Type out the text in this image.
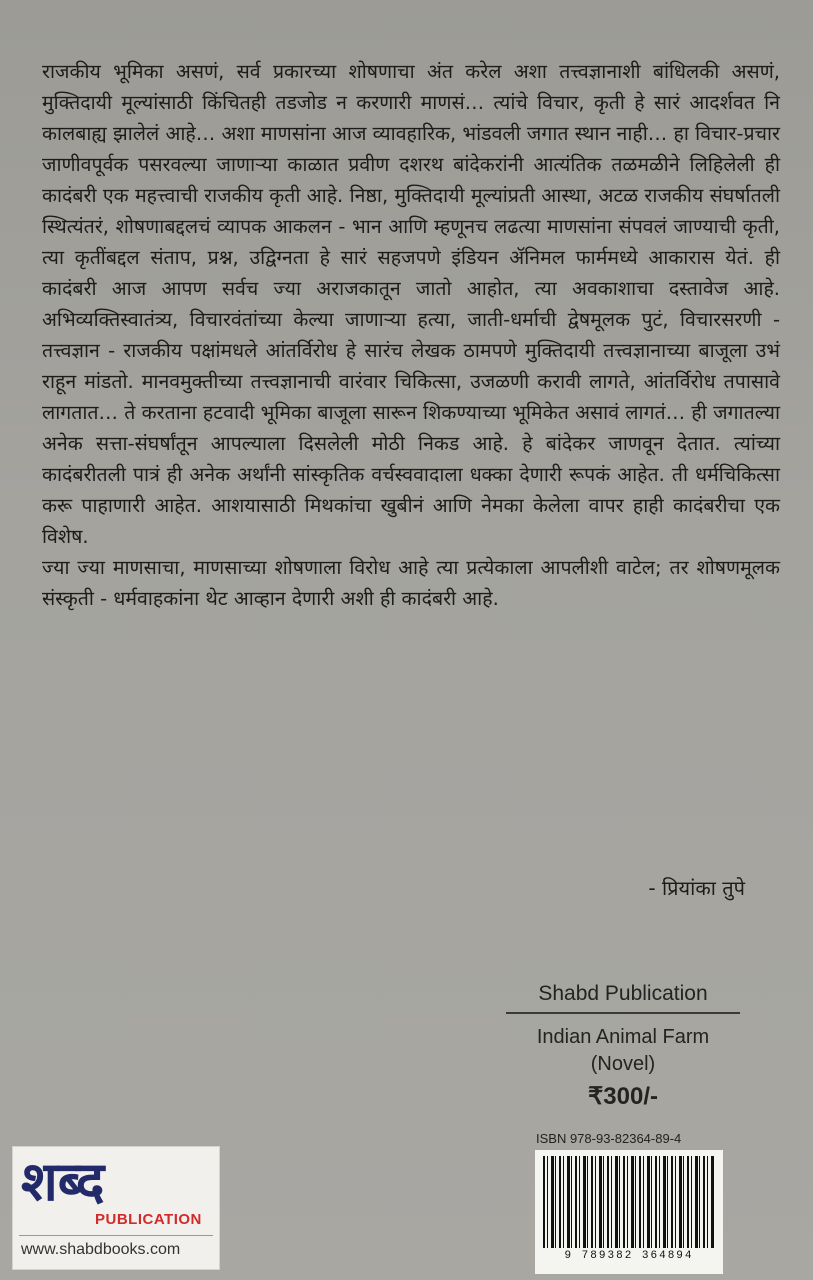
राजकीय भूमिका असणं, सर्व प्रकारच्या शोषणाचा अंत करेल अशा तत्त्वज्ञानाशी बांधिलकी असणं, मुक्तिदायी मूल्यांसाठी किंचितही तडजोड न करणारी माणसं… त्यांचे विचार, कृती हे सारं आदर्शवत नि कालबाह्य झालेलं आहे… अशा माणसांना आज व्यावहारिक, भांडवली जगात स्थान नाही… हा विचार-प्रचार जाणीवपूर्वक पसरवल्या जाणाऱ्या काळात प्रवीण दशरथ बांदेकरांनी आत्यंतिक तळमळीने लिहिलेली ही कादंबरी एक महत्त्वाची राजकीय कृती आहे. निष्ठा, मुक्तिदायी मूल्यांप्रती आस्था, अटळ राजकीय संघर्षातली स्थित्यंतरं, शोषणाबद्दलचं व्यापक आकलन - भान आणि म्हणूनच लढत्या माणसांना संपवलं जाण्याची कृती, त्या कृतींबद्दल संताप, प्रश्न, उद्विग्नता हे सारं सहजपणे इंडियन ॲनिमल फार्ममध्ये आकारास येतं. ही कादंबरी आज आपण सर्वच ज्या अराजकातून जातो आहोत, त्या अवकाशाचा दस्तावेज आहे. अभिव्यक्तिस्वातंत्र्य, विचारवंतांच्या केल्या जाणाऱ्या हत्या, जाती-धर्माची द्वेषमूलक पुटं, विचारसरणी - तत्त्वज्ञान - राजकीय पक्षांमधले आंतर्विरोध हे सारंच लेखक ठामपणे मुक्तिदायी तत्त्वज्ञानाच्या बाजूला उभं राहून मांडतो. मानवमुक्तीच्या तत्त्वज्ञानाची वारंवार चिकित्सा, उजळणी करावी लागते, आंतर्विरोध तपासावे लागतात… ते करताना हटवादी भूमिका बाजूला सारून शिकण्याच्या भूमिकेत असावं लागतं… ही जगातल्या अनेक सत्ता-संघर्षांतून आपल्याला दिसलेली मोठी निकड आहे. हे बांदेकर जाणवून देतात. त्यांच्या कादंबरीतली पात्रं ही अनेक अर्थांनी सांस्कृतिक वर्चस्ववादाला धक्का देणारी रूपकं आहेत. ती धर्मचिकित्सा करू पाहाणारी आहेत. आशयासाठी मिथकांचा खुबीनं आणि नेमका केलेला वापर हाही कादंबरीचा एक विशेष.

ज्या ज्या माणसाचा, माणसाच्या शोषणाला विरोध आहे त्या प्रत्येकाला आपलीशी वाटेल; तर शोषणमूलक संस्कृती - धर्मवाहकांना थेट आव्हान देणारी अशी ही कादंबरी आहे.

- प्रियांका तुपे
Shabd Publication
Indian Animal Farm
(Novel)
₹300/-
ISBN 978-93-82364-89-4
9 789382 364894
शब्द
PUBLICATION
www.shabdbooks.com
